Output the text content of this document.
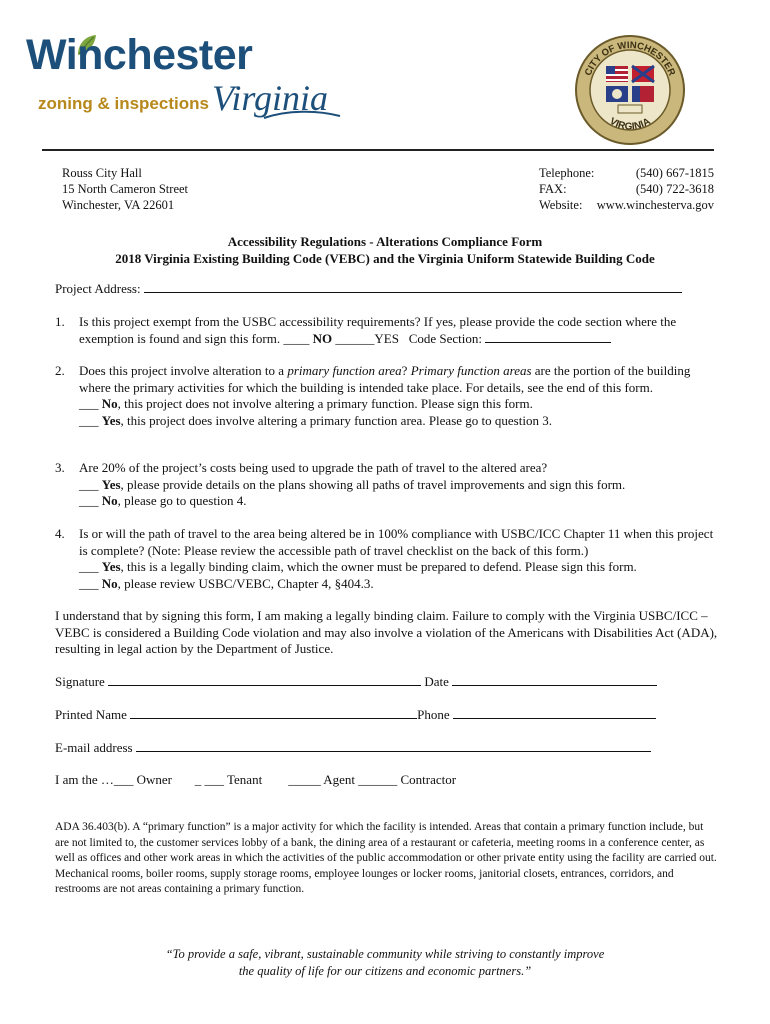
Winchester
zoning & inspections Virginia
CITY OF WINCHESTER
VIRGINIA
Rouss City Hall
15 North Cameron Street
Winchester, VA 22601
Telephone:	(540) 667-1815
FAX:	(540) 722-3618
Website: www.winchesterva.gov
Accessibility Regulations - Alterations Compliance Form
2018 Virginia Existing Building Code (VEBC) and the Virginia Uniform Statewide Building Code
Project Address:
1.	Is this project exempt from the USBC accessibility requirements? If yes, please provide the code section where the exemption is found and sign this form. ____ NO ______YES Code Section:
2.	Does this project involve alteration to a primary function area? Primary function areas are the portion of the building where the primary activities for which the building is intended take place. For details, see the end of this form.
___ No, this project does not involve altering a primary function. Please sign this form.
___ Yes, this project does involve altering a primary function area. Please go to question 3.
3.	Are 20% of the project’s costs being used to upgrade the path of travel to the altered area?
___ Yes, please provide details on the plans showing all paths of travel improvements and sign this form.
___ No, please go to question 4.
4.	Is or will the path of travel to the area being altered be in 100% compliance with USBC/ICC Chapter 11 when this project is complete? (Note: Please review the accessible path of travel checklist on the back of this form.)
___ Yes, this is a legally binding claim, which the owner must be prepared to defend. Please sign this form.
___ No, please review USBC/VEBC, Chapter 4, §404.3.
I understand that by signing this form, I am making a legally binding claim. Failure to comply with the Virginia USBC/ICC – VEBC is considered a Building Code violation and may also involve a violation of the Americans with Disabilities Act (ADA), resulting in legal action by the Department of Justice.
Signature	Date
Printed Name	Phone
E-mail address
I am the …___ Owner _ ___ Tenant _____ Agent ______ Contractor
ADA 36.403(b). A “primary function” is a major activity for which the facility is intended. Areas that contain a primary function include, but are not limited to, the customer services lobby of a bank, the dining area of a restaurant or cafeteria, meeting rooms in a conference center, as well as offices and other work areas in which the activities of the public accommodation or other private entity using the facility are carried out. Mechanical rooms, boiler rooms, supply storage rooms, employee lounges or locker rooms, janitorial closets, entrances, corridors, and restrooms are not areas containing a primary function.
“To provide a safe, vibrant, sustainable community while striving to constantly improve
the quality of life for our citizens and economic partners.”
